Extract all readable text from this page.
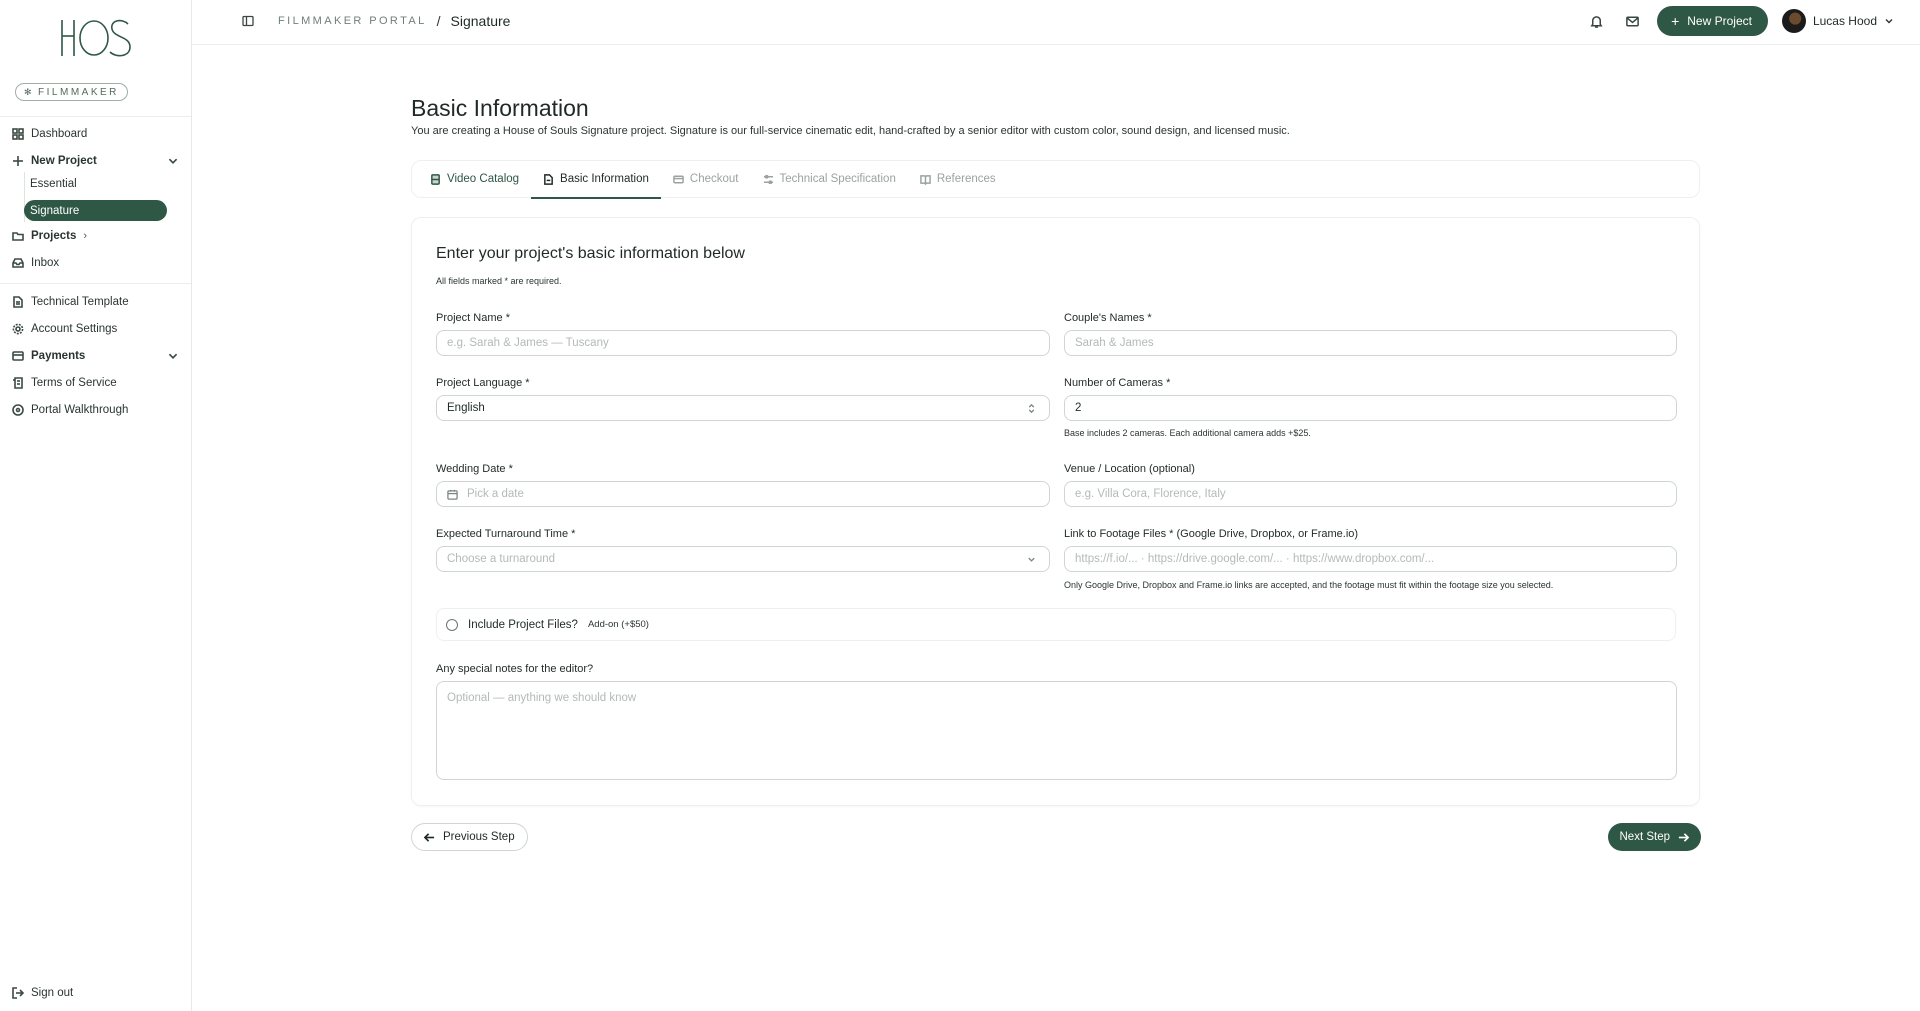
✻ FILMMAKER
Dashboard
New Project
Essential
Signature
Projects ›
Inbox
Technical Template
Account Settings
Payments
Terms of Service
Portal Walkthrough
Sign out
FILMMAKER PORTAL / Signature	+ New Project	Lucas Hood
Basic Information

You are creating a House of Souls Signature project. Signature is our full-service cinematic edit, hand-crafted by a senior editor with custom color, sound design, and licensed music.

Video Catalog	Basic Information	Checkout	Technical Specification	References
Enter your project's basic information below

All fields marked * are required.

Project Name *
e.g. Sarah & James — Tuscany
Couple's Names *
Sarah & James
Project Language *
English
Number of Cameras *
2

Base includes 2 cameras. Each additional camera adds +$25.

Wedding Date *
Pick a date
Venue / Location (optional)
e.g. Villa Cora, Florence, Italy
Expected Turnaround Time *
Choose a turnaround
Link to Footage Files * (Google Drive, Dropbox, or Frame.io)
https://f.io/... · https://drive.google.com/... · https://www.dropbox.com/...

Only Google Drive, Dropbox and Frame.io links are accepted, and the footage must fit within the footage size you selected.

Include Project Files? Add-on (+$50)
Any special notes for the editor?
Optional — anything we should know
Previous Step	Next Step
